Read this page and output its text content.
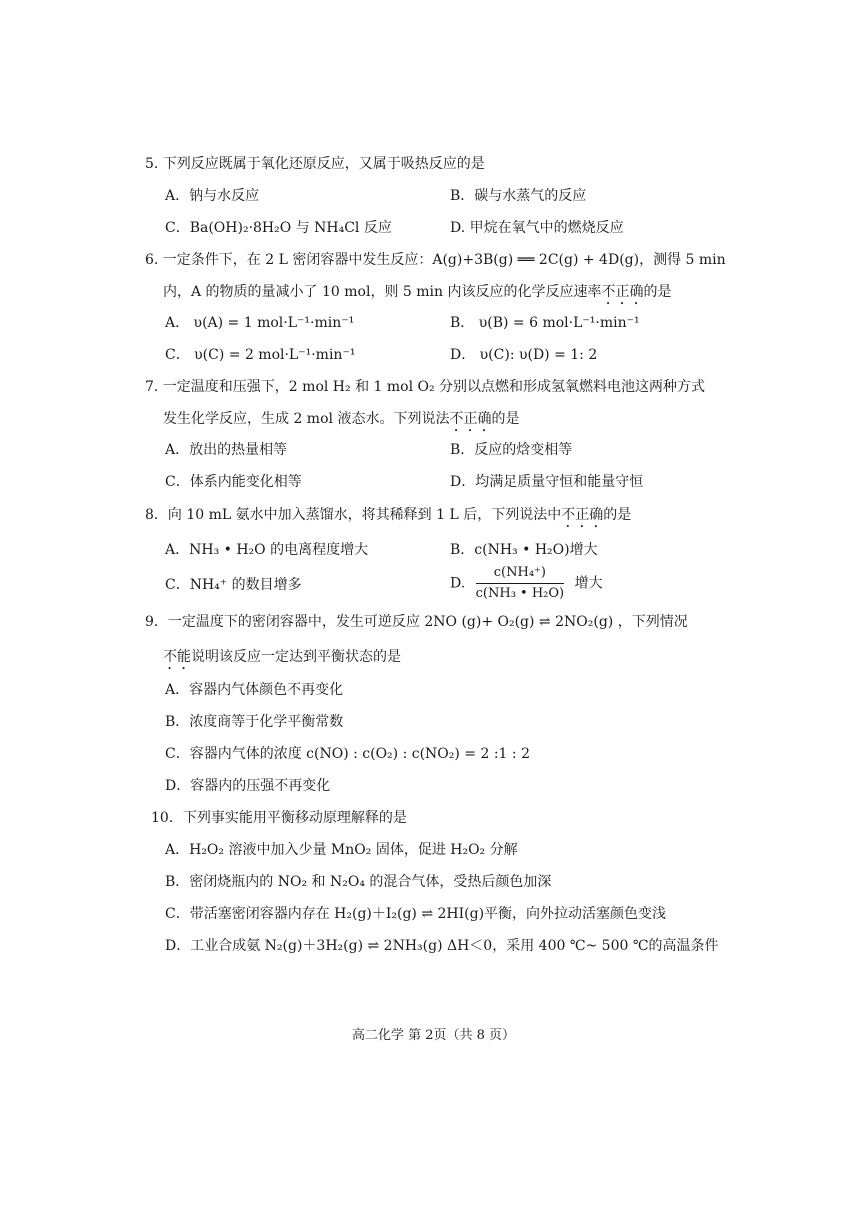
5. 下列反应既属于氧化还原反应，又属于吸热反应的是
A．钠与水反应	B．碳与水蒸气的反应
C．Ba(OH)₂·8H₂O 与 NH₄Cl 反应	D. 甲烷在氧气中的燃烧反应
6. 一定条件下，在 2 L 密闭容器中发生反应：A(g)+3B(g) ══ 2C(g) + 4D(g)，测得 5 min
内，A 的物质的量减小了 10 mol，则 5 min 内该反应的化学反应速率不正确的是
A． υ(A) = 1 mol·L⁻¹·min⁻¹	B． υ(B) = 6 mol·L⁻¹·min⁻¹
C． υ(C) = 2 mol·L⁻¹·min⁻¹	D． υ(C): υ(D) = 1: 2
7. 一定温度和压强下，2 mol H₂ 和 1 mol O₂ 分别以点燃和形成氢氧燃料电池这两种方式
发生化学反应，生成 2 mol 液态水。下列说法不正确的是
A．放出的热量相等	B．反应的焓变相等
C．体系内能变化相等	D．均满足质量守恒和能量守恒
8．向 10 mL 氨水中加入蒸馏水，将其稀释到 1 L 后，下列说法中不正确的是
A．NH₃ • H₂O 的电离程度增大	B．c(NH₃ • H₂O)增大
C．NH₄⁺ 的数目增多	D. $\frac{\text{c(NH₄⁺)}}{\text{c(NH₃ • H₂O)}}$ 增大
9．一定温度下的密闭容器中，发生可逆反应 2NO (g)+ O₂(g) ⇌ 2NO₂(g) ，下列情况
不能说明该反应一定达到平衡状态的是
A．容器内气体颜色不再变化
B．浓度商等于化学平衡常数
C．容器内气体的浓度 c(NO) : c(O₂) : c(NO₂) = 2 :1 : 2
D．容器内的压强不再变化
10．下列事实能用平衡移动原理解释的是
A．H₂O₂ 溶液中加入少量 MnO₂ 固体，促进 H₂O₂ 分解
B．密闭烧瓶内的 NO₂ 和 N₂O₄ 的混合气体，受热后颜色加深
C．带活塞密闭容器内存在 H₂(g)＋I₂(g) ⇌ 2HI(g)平衡，向外拉动活塞颜色变浅
D．工业合成氨 N₂(g)＋3H₂(g) ⇌ 2NH₃(g) ΔH＜0，采用 400 ℃~ 500 ℃的高温条件
高二化学 第 2页（共 8 页）
